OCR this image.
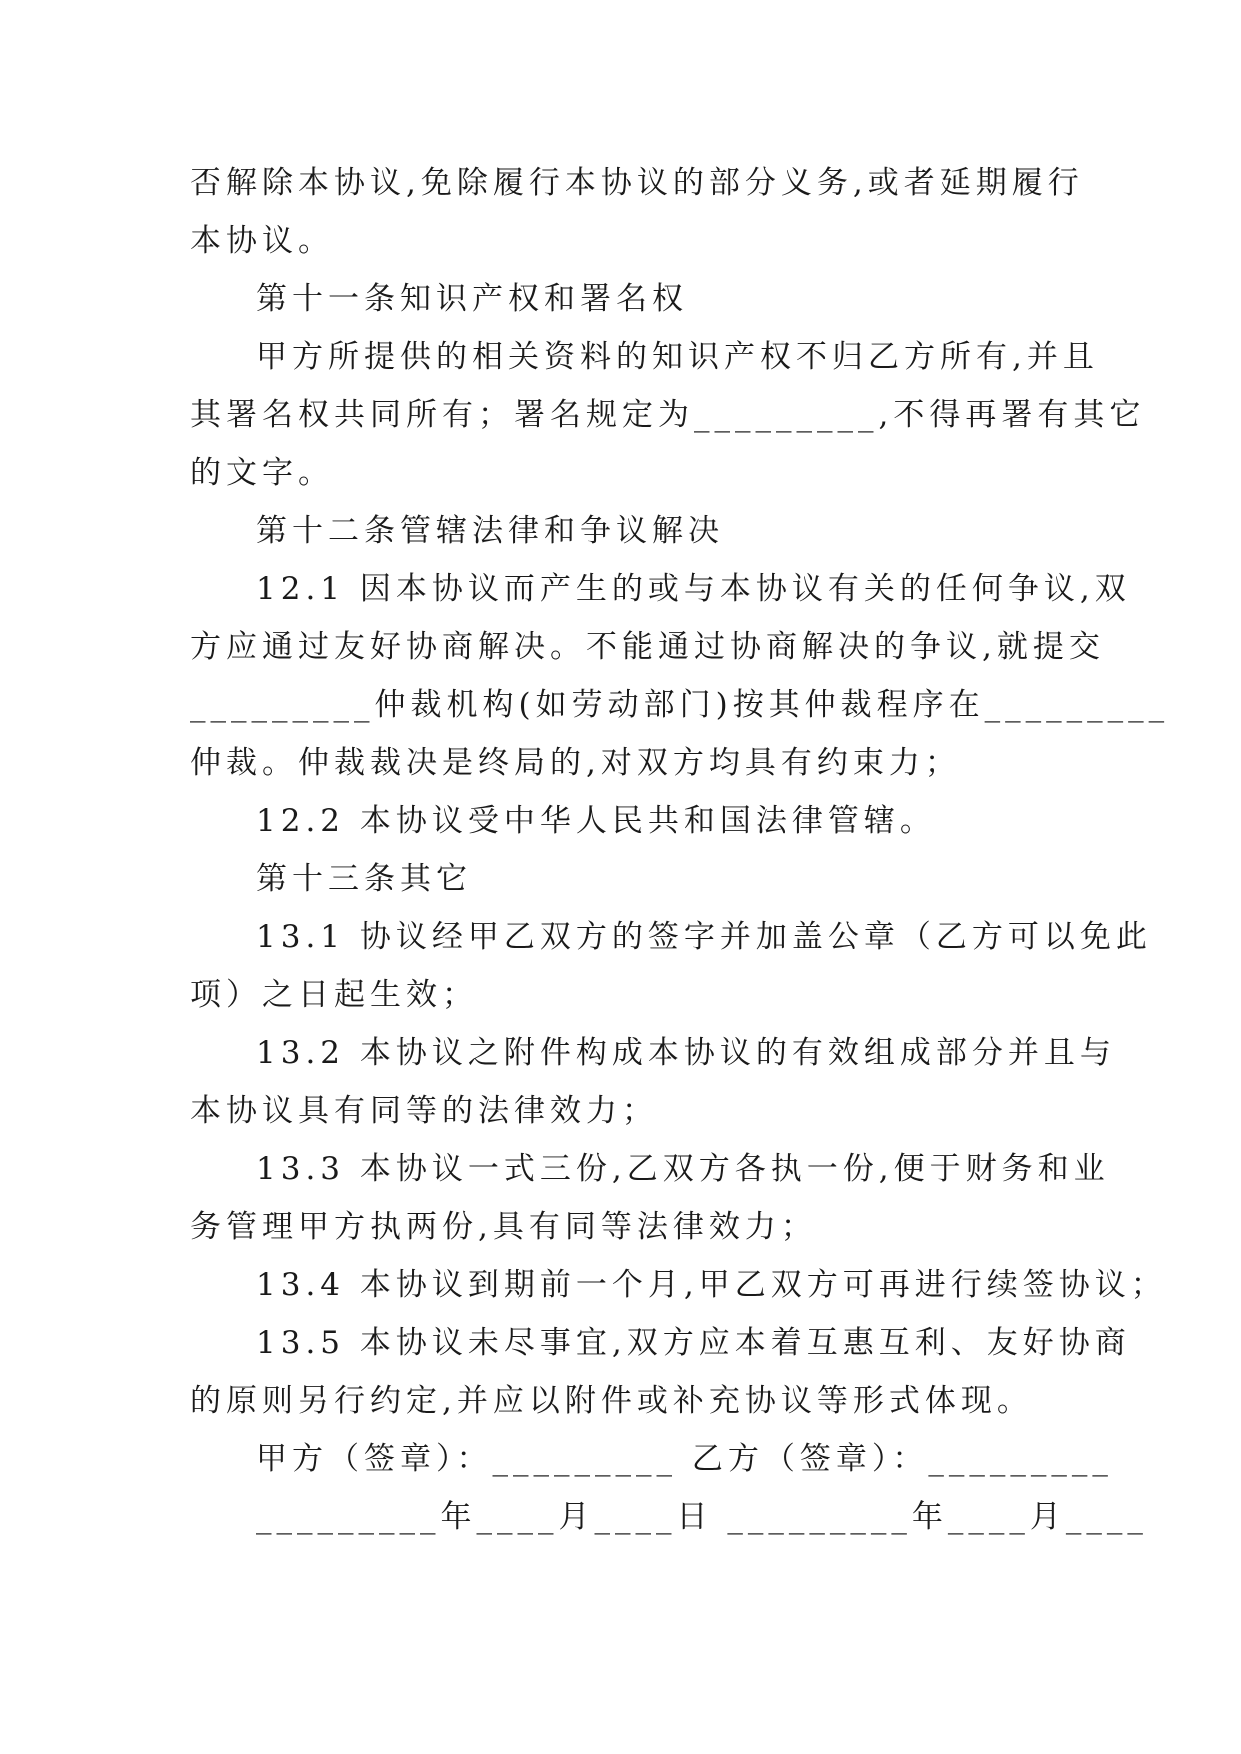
否解除本协议,免除履行本协议的部分义务,或者延期履行
本协议。
第十一条知识产权和署名权
甲方所提供的相关资料的知识产权不归乙方所有,并且
其署名权共同所有；署名规定为_________,不得再署有其它
的文字。
第十二条管辖法律和争议解决
12.1 因本协议而产生的或与本协议有关的任何争议,双
方应通过友好协商解决。不能通过协商解决的争议,就提交
_________仲裁机构(如劳动部门)按其仲裁程序在_________
仲裁。仲裁裁决是终局的,对双方均具有约束力；
12.2 本协议受中华人民共和国法律管辖。
第十三条其它
13.1 协议经甲乙双方的签字并加盖公章（乙方可以免此
项）之日起生效；
13.2 本协议之附件构成本协议的有效组成部分并且与
本协议具有同等的法律效力；
13.3 本协议一式三份,乙双方各执一份,便于财务和业
务管理甲方执两份,具有同等法律效力；
13.4 本协议到期前一个月,甲乙双方可再进行续签协议；
13.5 本协议未尽事宜,双方应本着互惠互利、友好协商
的原则另行约定,并应以附件或补充协议等形式体现。
甲方（签章）：_________ 乙方（签章）：_________
_________年____月____日 _________年____月____
